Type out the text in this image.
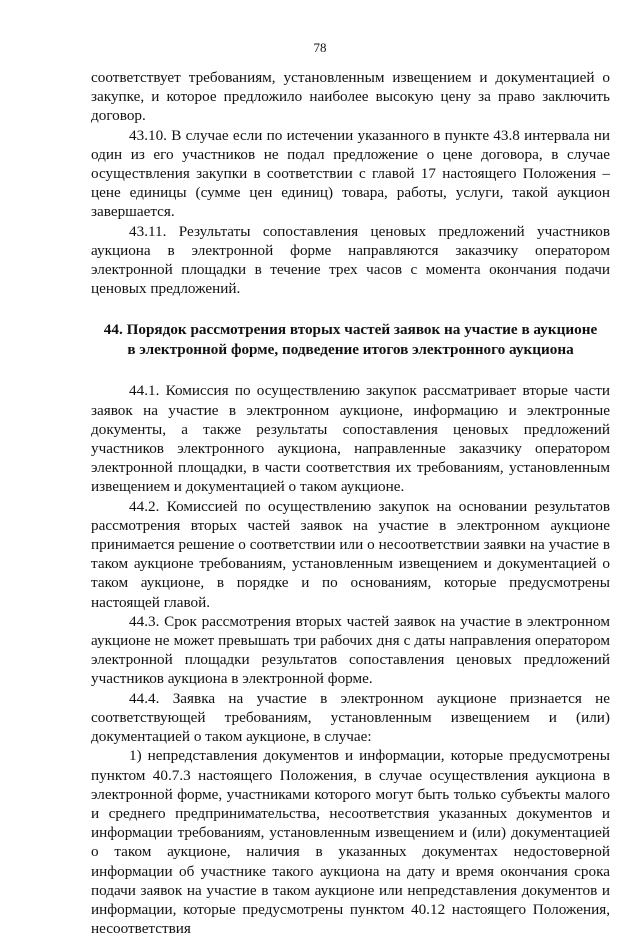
78

соответствует требованиям, установленным извещением и документацией о закупке, и которое предложило наиболее высокую цену за право заключить договор.

43.10. В случае если по истечении указанного в пункте 43.8 интервала ни один из его участников не подал предложение о цене договора, в случае осуществления закупки в соответствии с главой 17 настоящего Положения – цене единицы (сумме цен единиц) товара, работы, услуги, такой аукцион завершается.

43.11. Результаты сопоставления ценовых предложений участников аукциона в электронной форме направляются заказчику оператором электронной площадки в течение трех часов с момента окончания подачи ценовых предложений.

44. Порядок рассмотрения вторых частей заявок на участие в аукционе
в электронной форме, подведение итогов электронного аукциона

44.1. Комиссия по осуществлению закупок рассматривает вторые части заявок на участие в электронном аукционе, информацию и электронные документы, а также результаты сопоставления ценовых предложений участников электронного аукциона, направленные заказчику оператором электронной площадки, в части соответствия их требованиям, установленным извещением и документацией о таком аукционе.

44.2. Комиссией по осуществлению закупок на основании результатов рассмотрения вторых частей заявок на участие в электронном аукционе принимается решение о соответствии или о несоответствии заявки на участие в таком аукционе требованиям, установленным извещением и документацией о таком аукционе, в порядке и по основаниям, которые предусмотрены настоящей главой.

44.3. Срок рассмотрения вторых частей заявок на участие в электронном аукционе не может превышать три рабочих дня с даты направления оператором электронной площадки результатов сопоставления ценовых предложений участников аукциона в электронной форме.

44.4. Заявка на участие в электронном аукционе признается не соответствующей требованиям, установленным извещением и (или) документацией о таком аукционе, в случае:

1) непредставления документов и информации, которые предусмотрены пунктом 40.7.3 настоящего Положения, в случае осуществления аукциона в электронной форме, участниками которого могут быть только субъекты малого и среднего предпринимательства, несоответствия указанных документов и информации требованиям, установленным извещением и (или) документацией о таком аукционе, наличия в указанных документах недостоверной информации об участнике такого аукциона на дату и время окончания срока подачи заявок на участие в таком аукционе или непредставления документов и информации, которые предусмотрены пунктом 40.12 настоящего Положения, несоответствия
